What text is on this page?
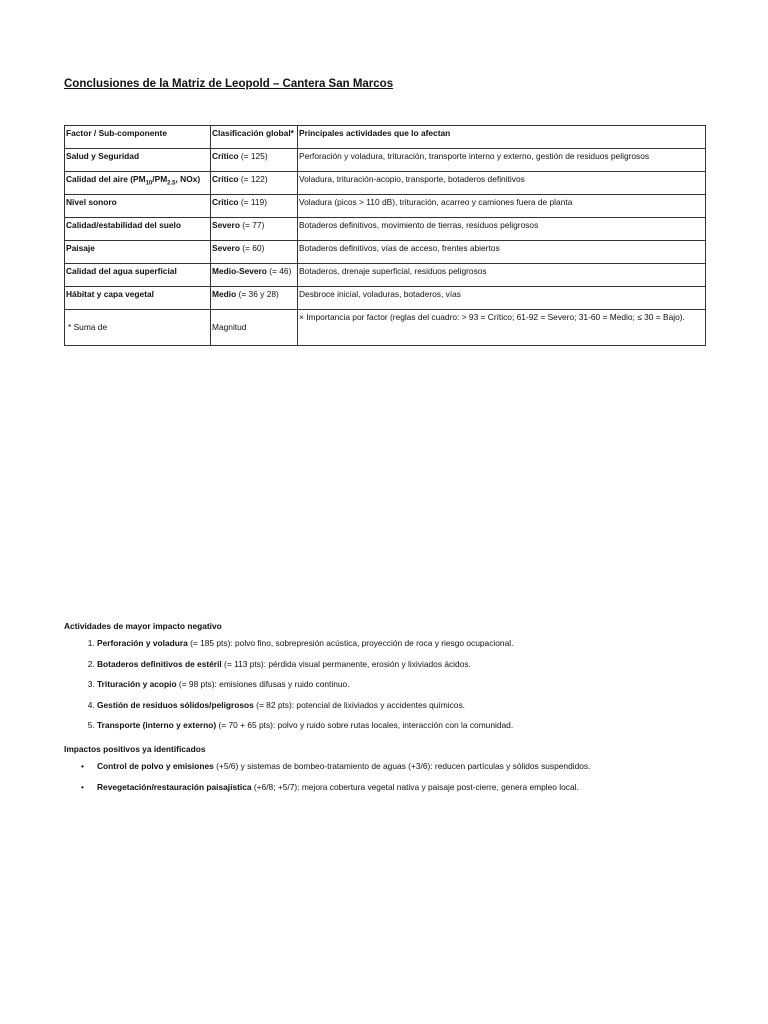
Conclusiones de la Matriz de Leopold – Cantera San Marcos
Factor / Sub-componente	Clasificación global*	Principales actividades que lo afectan
Salud y Seguridad	Crítico (= 125)	Perforación y voladura, trituración, transporte interno y externo, gestión de residuos peligrosos
Calidad del aire ($PM_{10}/PM_{2.5}$, NOx)	Crítico (= 122)	Voladura, trituración-acopio, transporte, botaderos definitivos
Nivel sonoro	Crítico (= 119)	Voladura (picos > 110 dB), trituración, acarreo y camiones fuera de planta
Calidad/estabilidad del suelo	Severo (= 77)	Botaderos definitivos, movimiento de tierras, residuos peligrosos
Paisaje	Severo (= 60)	Botaderos definitivos, vías de acceso, frentes abiertos
Calidad del agua superficial	Medio-Severo (= 46)	Botaderos, drenaje superficial, residuos peligrosos
Hábitat y capa vegetal	Medio (= 36 y 28)	Desbroce inicial, voladuras, botaderos, vías
* Suma de	Magnitud	× Importancia por factor (reglas del cuadro: > 93 = Crítico; 61-92 = Severo; 31-60 = Medio; ≤ 30 = Bajo).

Actividades de mayor impacto negativo

1. Perforación y voladura (= 185 pts): polvo fino, sobrepresión acústica, proyección de roca y riesgo ocupacional.
2. Botaderos definitivos de estéril (= 113 pts): pérdida visual permanente, erosión y lixiviados ácidos.
3. Trituración y acopio (= 98 pts): emisiones difusas y ruido continuo.
4. Gestión de residuos sólidos/peligrosos (= 82 pts): potencial de lixiviados y accidentes químicos.
5. Transporte (interno y externo) (= 70 + 65 pts): polvo y ruido sobre rutas locales, interacción con la comunidad.

Impactos positivos ya identificados

• Control de polvo y emisiones (+5/6) y sistemas de bombeo-tratamiento de aguas (+3/6): reducen partículas y sólidos suspendidos.
• Revegetación/restauración paisajística (+6/8; +5/7): mejora cobertura vegetal nativa y paisaje post-cierre, genera empleo local.
